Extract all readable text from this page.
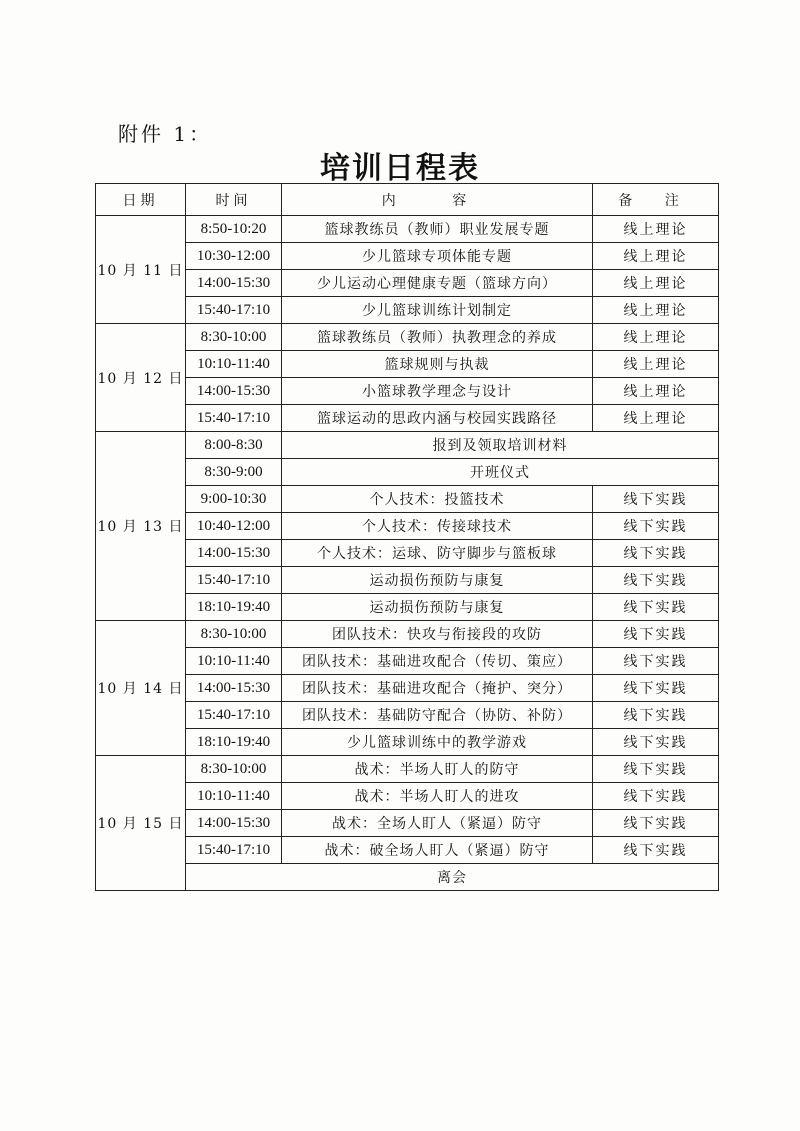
附件 1：
培训日程表
日期	时间	内 容	备 注
10 月 11 日	8:50-10:20	篮球教练员（教师）职业发展专题	线上理论
	10:30-12:00	少儿篮球专项体能专题	线上理论
	14:00-15:30	少儿运动心理健康专题（篮球方向）	线上理论
	15:40-17:10	少儿篮球训练计划制定	线上理论
10 月 12 日	8:30-10:00	篮球教练员（教师）执教理念的养成	线上理论
	10:10-11:40	篮球规则与执裁	线上理论
	14:00-15:30	小篮球教学理念与设计	线上理论
	15:40-17:10	篮球运动的思政内涵与校园实践路径	线上理论
10 月 13 日	8:00-8:30	报到及领取培训材料	
	8:30-9:00	开班仪式	
	9:00-10:30	个人技术：投篮技术	线下实践
	10:40-12:00	个人技术：传接球技术	线下实践
	14:00-15:30	个人技术：运球、防守脚步与篮板球	线下实践
	15:40-17:10	运动损伤预防与康复	线下实践
	18:10-19:40	运动损伤预防与康复	线下实践
10 月 14 日	8:30-10:00	团队技术：快攻与衔接段的攻防	线下实践
	10:10-11:40	团队技术：基础进攻配合（传切、策应）	线下实践
	14:00-15:30	团队技术：基础进攻配合（掩护、突分）	线下实践
	15:40-17:10	团队技术：基础防守配合（协防、补防）	线下实践
	18:10-19:40	少儿篮球训练中的教学游戏	线下实践
10 月 15 日	8:30-10:00	战术：半场人盯人的防守	线下实践
	10:10-11:40	战术：半场人盯人的进攻	线下实践
	14:00-15:30	战术：全场人盯人（紧逼）防守	线下实践
	15:40-17:10	战术：破全场人盯人（紧逼）防守	线下实践
	离会		
